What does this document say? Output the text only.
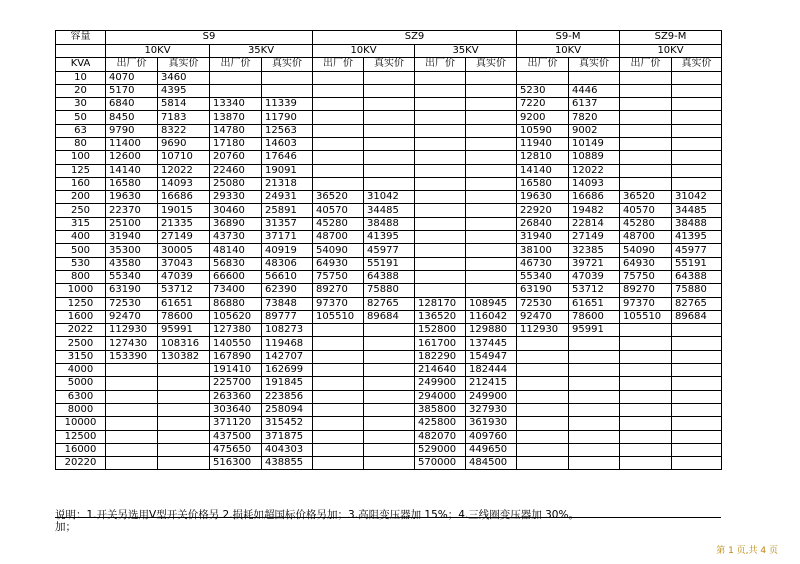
容量	S9				SZ9				S9-M		SZ9-M	
	10KV		35KV		10KV		35KV		10KV		10KV	
KVA	出厂价	真实价	出厂价	真实价	出厂价	真实价	出厂价	真实价	出厂价	真实价	出厂价	真实价
10	4070	3460										
20	5170	4395							5230	4446		
30	6840	5814	13340	11339					7220	6137		
50	8450	7183	13870	11790					9200	7820		
63	9790	8322	14780	12563					10590	9002		
80	11400	9690	17180	14603					11940	10149		
100	12600	10710	20760	17646					12810	10889		
125	14140	12022	22460	19091					14140	12022		
160	16580	14093	25080	21318					16580	14093		
200	19630	16686	29330	24931	36520	31042			19630	16686	36520	31042
250	22370	19015	30460	25891	40570	34485			22920	19482	40570	34485
315	25100	21335	36890	31357	45280	38488			26840	22814	45280	38488
400	31940	27149	43730	37171	48700	41395			31940	27149	48700	41395
500	35300	30005	48140	40919	54090	45977			38100	32385	54090	45977
530	43580	37043	56830	48306	64930	55191			46730	39721	64930	55191
800	55340	47039	66600	56610	75750	64388			55340	47039	75750	64388
1000	63190	53712	73400	62390	89270	75880			63190	53712	89270	75880
1250	72530	61651	86880	73848	97370	82765	128170	108945	72530	61651	97370	82765
1600	92470	78600	105620	89777	105510	89684	136520	116042	92470	78600	105510	89684
2022	112930	95991	127380	108273			152800	129880	112930	95991		
2500	127430	108316	140550	119468			161700	137445				
3150	153390	130382	167890	142707			182290	154947				
4000			191410	162699			214640	182444				
5000			225700	191845			249900	212415				
6300			263360	223856			294000	249900				
8000			303640	258094			385800	327930				
10000			371120	315452			425800	361930				
12500			437500	371875			482070	409760				
16000			475650	404303			529000	449650				
20220			516300	438855			570000	484500				
说明：1.开关另选用Ⅴ型开关价格另 2.损耗如超国标价格另加；3.高阻变压器加 15%；4.三线圈变压器加 30%。
加；
第 1 页,共 4 页
